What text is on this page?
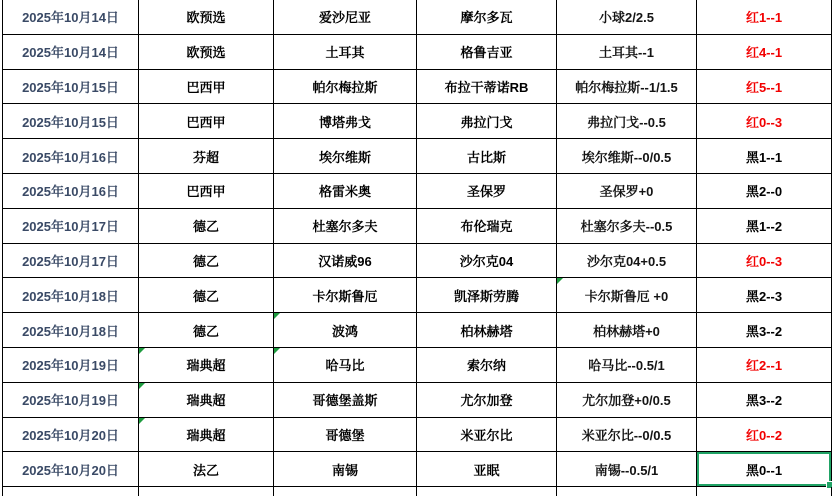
2025年10月14日	欧预选	爱沙尼亚	摩尔多瓦	小球2/2.5	红1--1
2025年10月14日	欧预选	土耳其	格鲁吉亚	土耳其--1	红4--1
2025年10月15日	巴西甲	帕尔梅拉斯	布拉干蒂诺RB	帕尔梅拉斯--1/1.5	红5--1
2025年10月15日	巴西甲	博塔弗戈	弗拉门戈	弗拉门戈--0.5	红0--3
2025年10月16日	芬超	埃尔维斯	古比斯	埃尔维斯--0/0.5	黑1--1
2025年10月16日	巴西甲	格雷米奥	圣保罗	圣保罗+0	黑2--0
2025年10月17日	德乙	杜塞尔多夫	布伦瑞克	杜塞尔多夫--0.5	黑1--2
2025年10月17日	德乙	汉诺威96	沙尔克04	沙尔克04+0.5	红0--3
2025年10月18日	德乙	卡尔斯鲁厄	凯泽斯劳腾	卡尔斯鲁厄 +0	黑2--3
2025年10月18日	德乙	波鸿	柏林赫塔	柏林赫塔+0	黑3--2
2025年10月19日	瑞典超	哈马比	索尔纳	哈马比--0.5/1	红2--1
2025年10月19日	瑞典超	哥德堡盖斯	尤尔加登	尤尔加登+0/0.5	黑3--2
2025年10月20日	瑞典超	哥德堡	米亚尔比	米亚尔比--0/0.5	红0--2
2025年10月20日	法乙	南锡	亚眠	南锡--0.5/1	黑0--1
